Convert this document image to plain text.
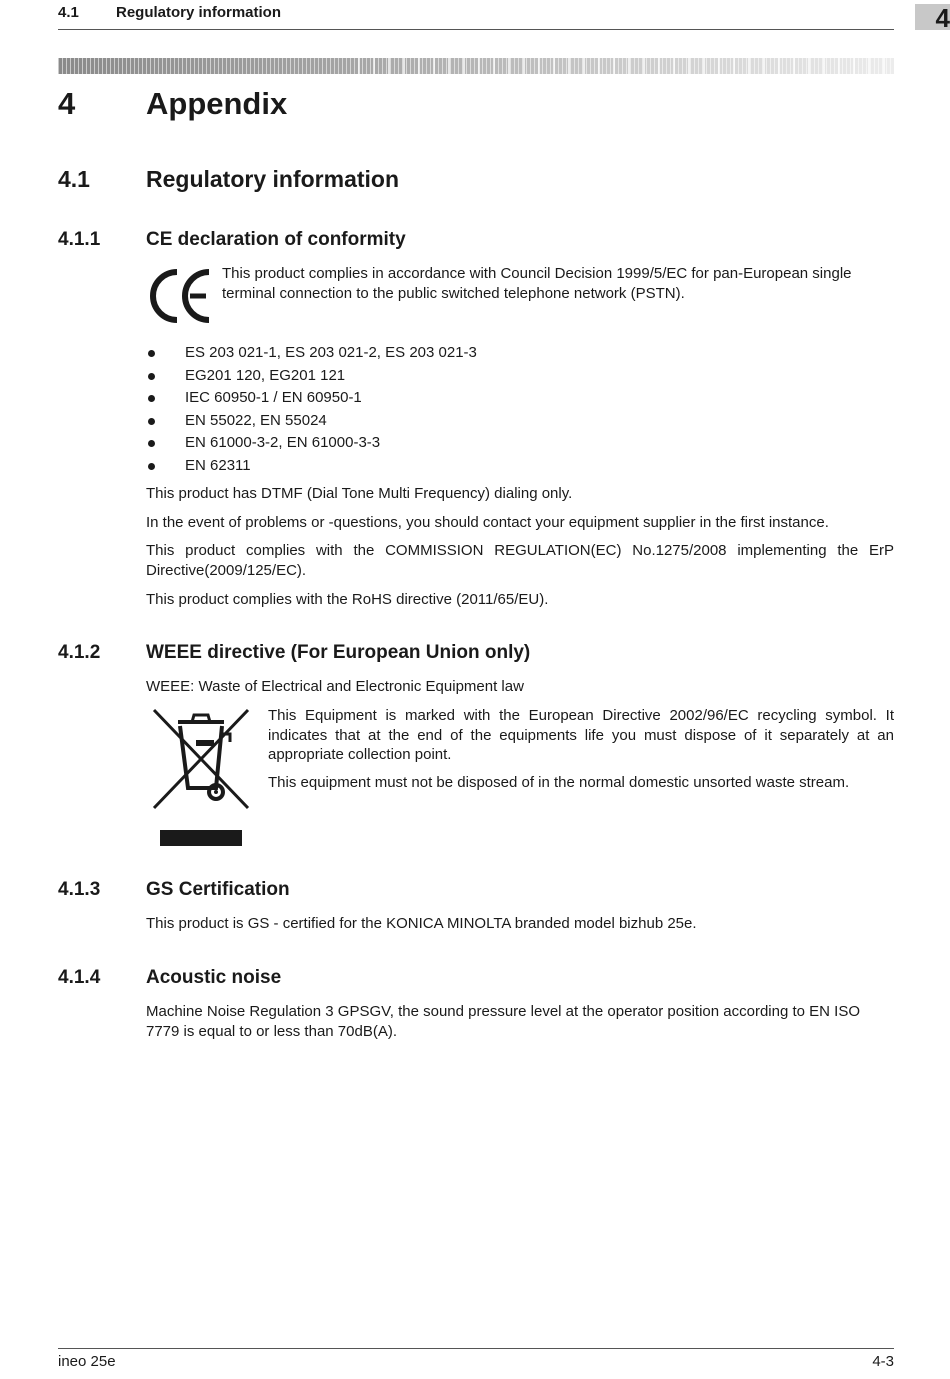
4.1 Regulatory information	4
4 Appendix
4.1 Regulatory information
4.1.1 CE declaration of conformity
This product complies in accordance with Council Decision 1999/5/EC for pan-European single terminal connection to the public switched telephone network (PSTN).
ES 203 021-1, ES 203 021-2, ES 203 021-3
EG201 120, EG201 121
IEC 60950-1 / EN 60950-1
EN 55022, EN 55024
EN 61000-3-2, EN 61000-3-3
EN 62311
This product has DTMF (Dial Tone Multi Frequency) dialing only.
In the event of problems or -questions, you should contact your equipment supplier in the first instance.
This product complies with the COMMISSION REGULATION(EC) No.1275/2008 implementing the ErP Directive(2009/125/EC).
This product complies with the RoHS directive (2011/65/EU).
4.1.2 WEEE directive (For European Union only)
WEEE: Waste of Electrical and Electronic Equipment law
This Equipment is marked with the European Directive 2002/96/EC recycling symbol. It indicates that at the end of the equipments life you must dispose of it separately at an appropriate collection point.
This equipment must not be disposed of in the normal domestic unsorted waste stream.
4.1.3 GS Certification
This product is GS - certified for the KONICA MINOLTA branded model bizhub 25e.
4.1.4 Acoustic noise
Machine Noise Regulation 3 GPSGV, the sound pressure level at the operator position according to EN ISO 7779 is equal to or less than 70dB(A).
ineo 25e	4-3
